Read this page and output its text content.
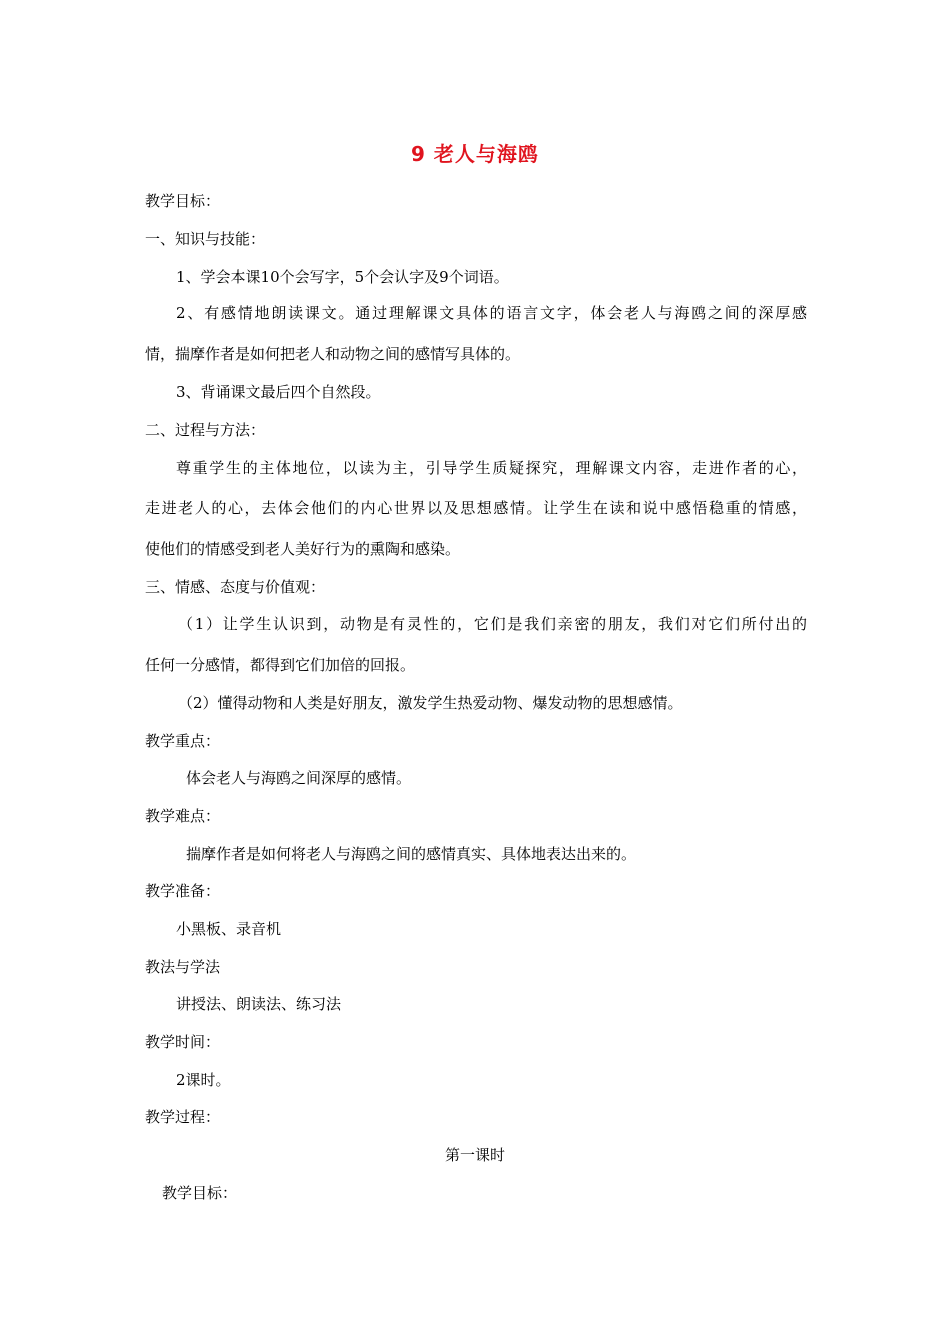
9 老人与海鸥
教学目标：
一、知识与技能：
1、学会本课10个会写字，5个会认字及9个词语。
2、有感情地朗读课文。通过理解课文具体的语言文字，体会老人与海鸥之间的深厚感
情，揣摩作者是如何把老人和动物之间的感情写具体的。
3、背诵课文最后四个自然段。
二、过程与方法：
尊重学生的主体地位，以读为主，引导学生质疑探究，理解课文内容，走进作者的心，
走进老人的心，去体会他们的内心世界以及思想感情。让学生在读和说中感悟稳重的情感，
使他们的情感受到老人美好行为的熏陶和感染。
三、情感、态度与价值观：
（1）让学生认识到，动物是有灵性的，它们是我们亲密的朋友，我们对它们所付出的
任何一分感情，都得到它们加倍的回报。
（2）懂得动物和人类是好朋友，激发学生热爱动物、爆发动物的思想感情。
教学重点：
体会老人与海鸥之间深厚的感情。
教学难点：
揣摩作者是如何将老人与海鸥之间的感情真实、具体地表达出来的。
教学准备：
小黑板、录音机
教法与学法
讲授法、朗读法、练习法
教学时间：
2课时。
教学过程：
第一课时
教学目标：
